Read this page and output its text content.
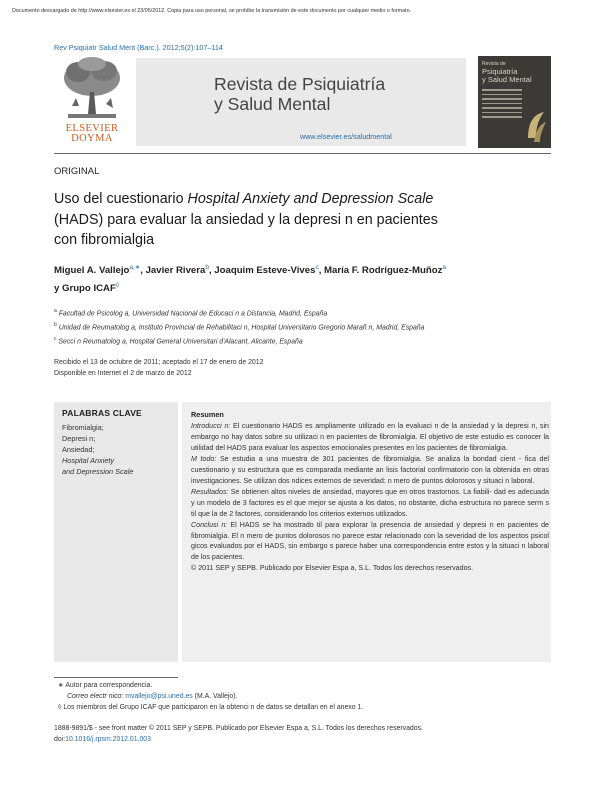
Documento descargado de http://www.elsevier.es el 23/05/2012. Copia para uso personal, se prohíbe la transmisión de este documento por cualquier medio o formato.
Rev Psiquiatr Salud Ment (Barc.). 2012;5(2):107–114
ELSEVIER
DOYMA
Revista de Psiquiatría
y Salud Mental
www.elsevier.es/saludmental
Revista de
Psiquiatría
y Salud Mental
ORIGINAL
Uso del cuestionario Hospital Anxiety and Depression Scale
(HADS) para evaluar la ansiedad y la depresi n en pacientes
con fibromialgia
Miguel A. Vallejo$^{a,∗}$, Javier Rivera$^b$, Joaquim Esteve-Vives$^c$, María F. Rodríguez-Muñoz$^a$
y Grupo ICAF◊
$^a$ Facultad de Psicolog a, Universidad Nacional de Educaci n a Distancia, Madrid, España
$^b$ Unidad de Reumatolog a, Instituto Provincial de Rehabilitaci n, Hospital Universitario Gregorio Marañ n, Madrid, España
$^c$ Secci n Reumatolog a, Hospital General Universitari d'Alacant, Alicante, España
Recibido el 13 de octubre de 2011; aceptado el 17 de enero de 2012
Disponible en Internet el 2 de marzo de 2012
PALABRAS CLAVE
Fibromialgia;
Depresi n;
Ansiedad;
Hospital Anxiety
and Depression Scale
Resumen
Introducci n: El cuestionario HADS es ampliamente utilizado en la evaluaci n de la ansiedad y la depresi n, sin embargo no hay datos sobre su utilizaci n en pacientes de fibromialgia. El objetivo de este estudio es conocer la utilidad del HADS para evaluar los aspectos emocionales presentes en los pacientes de fibromialgia.
M todo: Se estudia a una muestra de 301 pacientes de fibromialgia. Se analiza la bondad cient - fica del cuestionario y su estructura que es comparada mediante an lisis factorial confirmatorio con la obtenida en otras investigaciones. Se utilizan dos ndices externos de severidad: n mero de puntos dolorosos y situaci n laboral.
Resultados: Se obtienen altos niveles de ansiedad, mayores que en otros trastornos. La fiabili- dad es adecuada y un modelo de 3 factores es el que mejor se ajusta a los datos, no obstante, dicha estructura no parece serm s til que la de 2 factores, considerando los criterios externos utilizados.
Conclusi n: El HADS se ha mostrado til para explorar la presencia de ansiedad y depresi n en pacientes de fibromialgia. El n mero de puntos dolorosos no parece estar relacionado con la severidad de los aspectos psicol gicos evaluados por el HADS, sin embargo s parece haber una correspondencia entre estos y la situaci n laboral de los pacientes.
© 2011 SEP y SEPB. Publicado por Elsevier Espa a, S.L. Todos los derechos reservados.
∗ Autor para correspondencia.
Correo electr nico: mvallejo@psi.uned.es (M.A. Vallejo).
◊ Los miembros del Grupo ICAF que participaron en la obtenci n de datos se detallan en el anexo 1.
1888-9891/$ - see front matter © 2011 SEP y SEPB. Publicado por Elsevier Espa a, S.L. Todos los derechos reservados.
doi:10.1016/j.rpsm.2012.01.003
